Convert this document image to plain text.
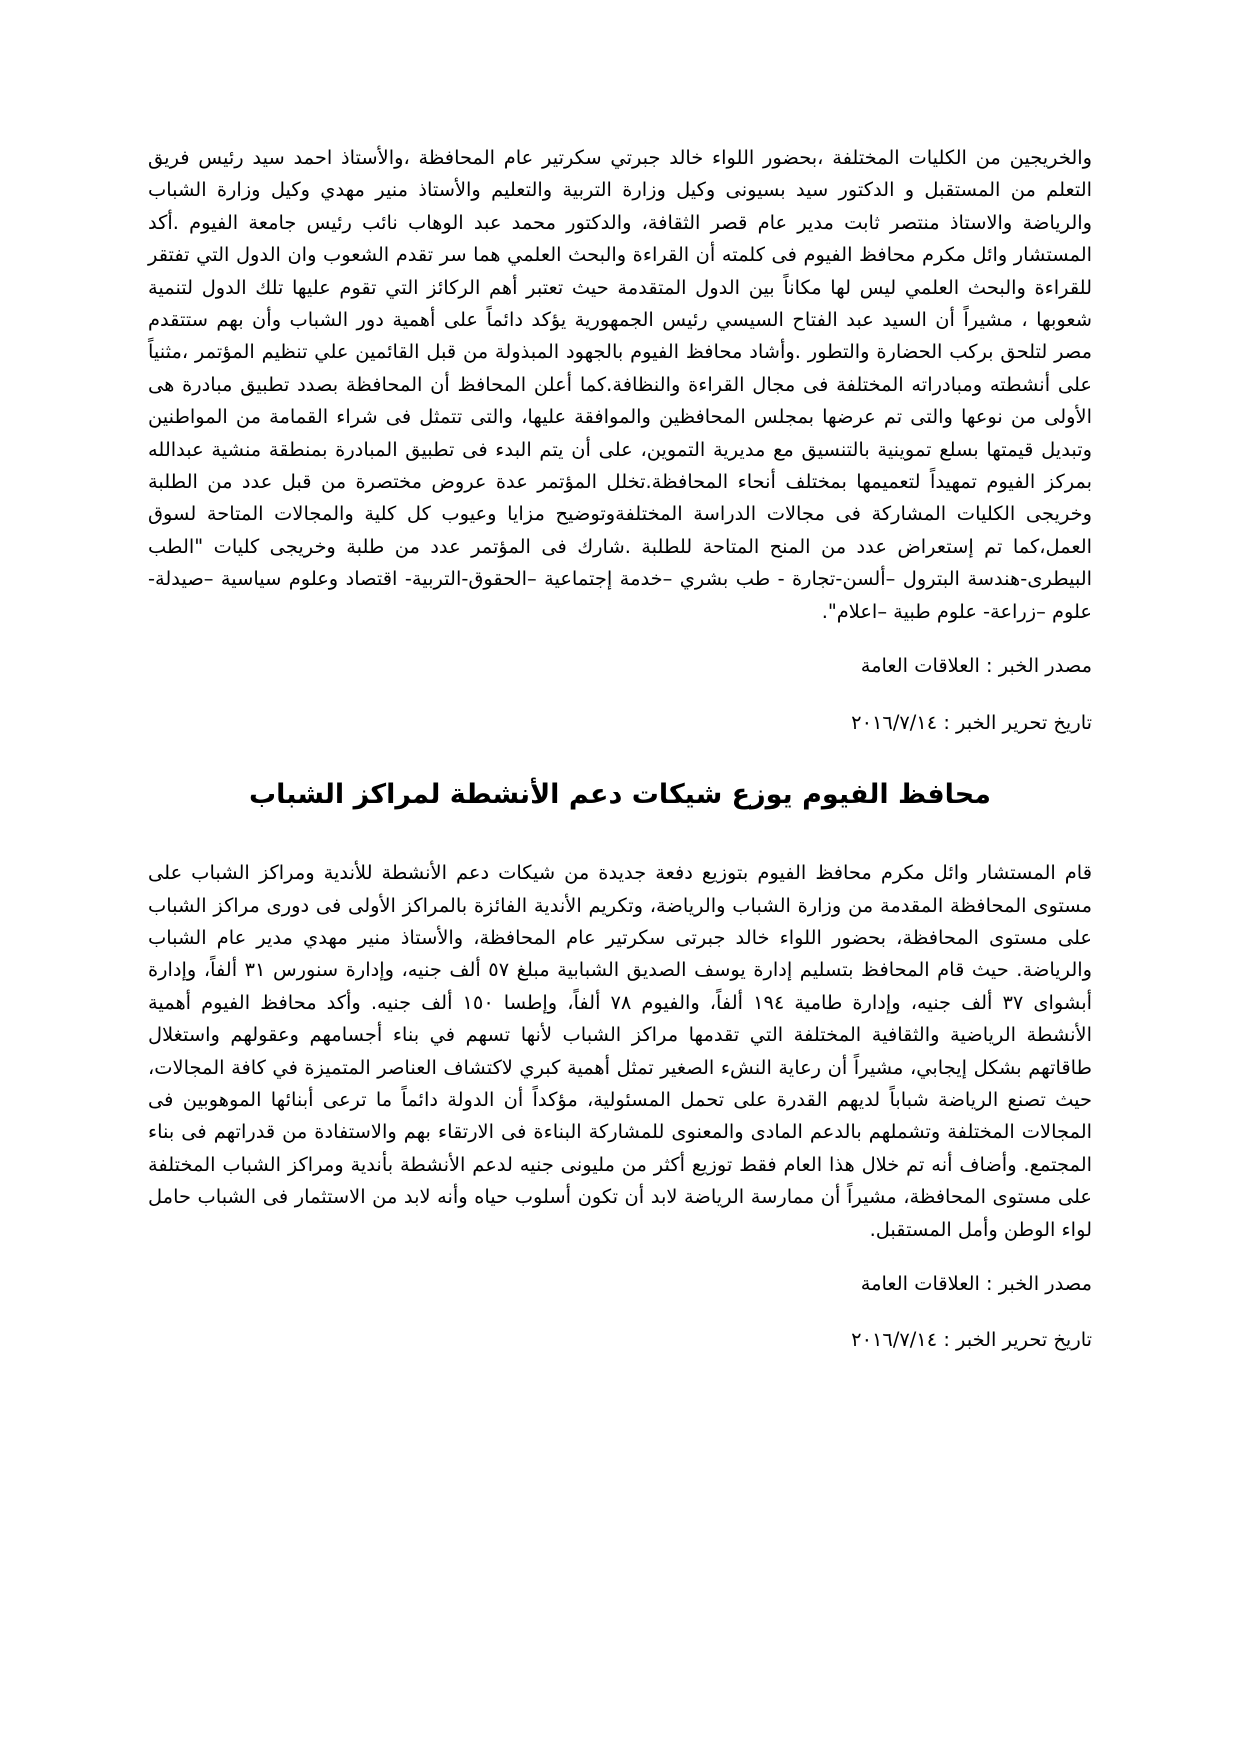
والخريجين من الكليات المختلفة ،بحضور اللواء خالد جبرتي سكرتير عام المحافظة ،والأستاذ احمد سيد رئيس فريق التعلم من المستقبل و الدكتور سيد بسيونى وكيل وزارة التربية والتعليم والأستاذ منير مهدي وكيل وزارة الشباب والرياضة والاستاذ منتصر ثابت مدير عام قصر الثقافة، والدكتور محمد عبد الوهاب نائب رئيس جامعة الفيوم .أكد المستشار وائل مكرم محافظ الفيوم فى كلمته أن القراءة والبحث العلمي هما سر تقدم الشعوب وان الدول التي تفتقر للقراءة والبحث العلمي ليس لها مكاناً بين الدول المتقدمة حيث تعتبر أهم الركائز التي تقوم عليها تلك الدول لتنمية شعوبها ، مشيراً أن السيد عبد الفتاح السيسي رئيس الجمهورية يؤكد دائماً على أهمية دور الشباب وأن بهم ستتقدم مصر لتلحق بركب الحضارة والتطور .وأشاد محافظ الفيوم بالجهود المبذولة من قبل القائمين علي تنظيم المؤتمر ،مثنياً على أنشطته ومبادراته المختلفة فى مجال القراءة والنظافة.كما أعلن المحافظ أن المحافظة بصدد تطبيق مبادرة هى الأولى من نوعها والتى تم عرضها بمجلس المحافظين والموافقة عليها، والتى تتمثل فى شراء القمامة من المواطنين وتبديل قيمتها بسلع تموينية بالتنسيق مع مديرية التموين، على أن يتم البدء فى تطبيق المبادرة بمنطقة منشية عبدالله بمركز الفيوم تمهيداً لتعميمها بمختلف أنحاء المحافظة.تخلل المؤتمر عدة عروض مختصرة من قبل عدد من الطلبة وخريجى الكليات المشاركة فى مجالات الدراسة المختلفةوتوضيح مزايا وعيوب كل كلية والمجالات المتاحة لسوق العمل،كما تم إستعراض عدد من المنح المتاحة للطلبة .شارك فى المؤتمر عدد من طلبة وخريجى كليات "الطب البيطرى-هندسة البترول –ألسن-تجارة - طب بشري –خدمة إجتماعية –الحقوق-التربية- اقتصاد وعلوم سياسية –صيدلة-علوم –زراعة- علوم طبية –اعلام".

مصدر الخبر : العلاقات العامة

تاريخ تحرير الخبر : ٢٠١٦/٧/١٤

محافظ الفيوم يوزع شيكات دعم الأنشطة لمراكز الشباب

قام المستشار وائل مكرم محافظ الفيوم بتوزيع دفعة جديدة من شيكات دعم الأنشطة للأندية ومراكز الشباب على مستوى المحافظة المقدمة من وزارة الشباب والرياضة، وتكريم الأندية الفائزة بالمراكز الأولى فى دورى مراكز الشباب على مستوى المحافظة، بحضور اللواء خالد جبرتى سكرتير عام المحافظة، والأستاذ منير مهدي مدير عام الشباب والرياضة. حيث قام المحافظ بتسليم إدارة يوسف الصديق الشبابية مبلغ ٥٧ ألف جنيه، وإدارة سنورس ٣١ ألفاً، وإدارة أبشواى ٣٧ ألف جنيه، وإدارة طامية ١٩٤ ألفاً، والفيوم ٧٨ ألفاً، وإطسا ١٥٠ ألف جنيه. وأكد محافظ الفيوم أهمية الأنشطة الرياضية والثقافية المختلفة التي تقدمها مراكز الشباب لأنها تسهم في بناء أجسامهم وعقولهم واستغلال طاقاتهم بشكل إيجابي، مشيراً أن رعاية النشء الصغير تمثل أهمية كبري لاكتشاف العناصر المتميزة في كافة المجالات، حيث تصنع الرياضة شباباً لديهم القدرة على تحمل المسئولية، مؤكداً أن الدولة دائماً ما ترعى أبنائها الموهوبين فى المجالات المختلفة وتشملهم بالدعم المادى والمعنوى للمشاركة البناءة فى الارتقاء بهم والاستفادة من قدراتهم فى بناء المجتمع. وأضاف أنه تم خلال هذا العام فقط توزيع أكثر من مليونى جنيه لدعم الأنشطة بأندية ومراكز الشباب المختلفة على مستوى المحافظة، مشيراً أن ممارسة الرياضة لابد أن تكون أسلوب حياه وأنه لابد من الاستثمار فى الشباب حامل لواء الوطن وأمل المستقبل.

مصدر الخبر : العلاقات العامة

تاريخ تحرير الخبر : ٢٠١٦/٧/١٤
